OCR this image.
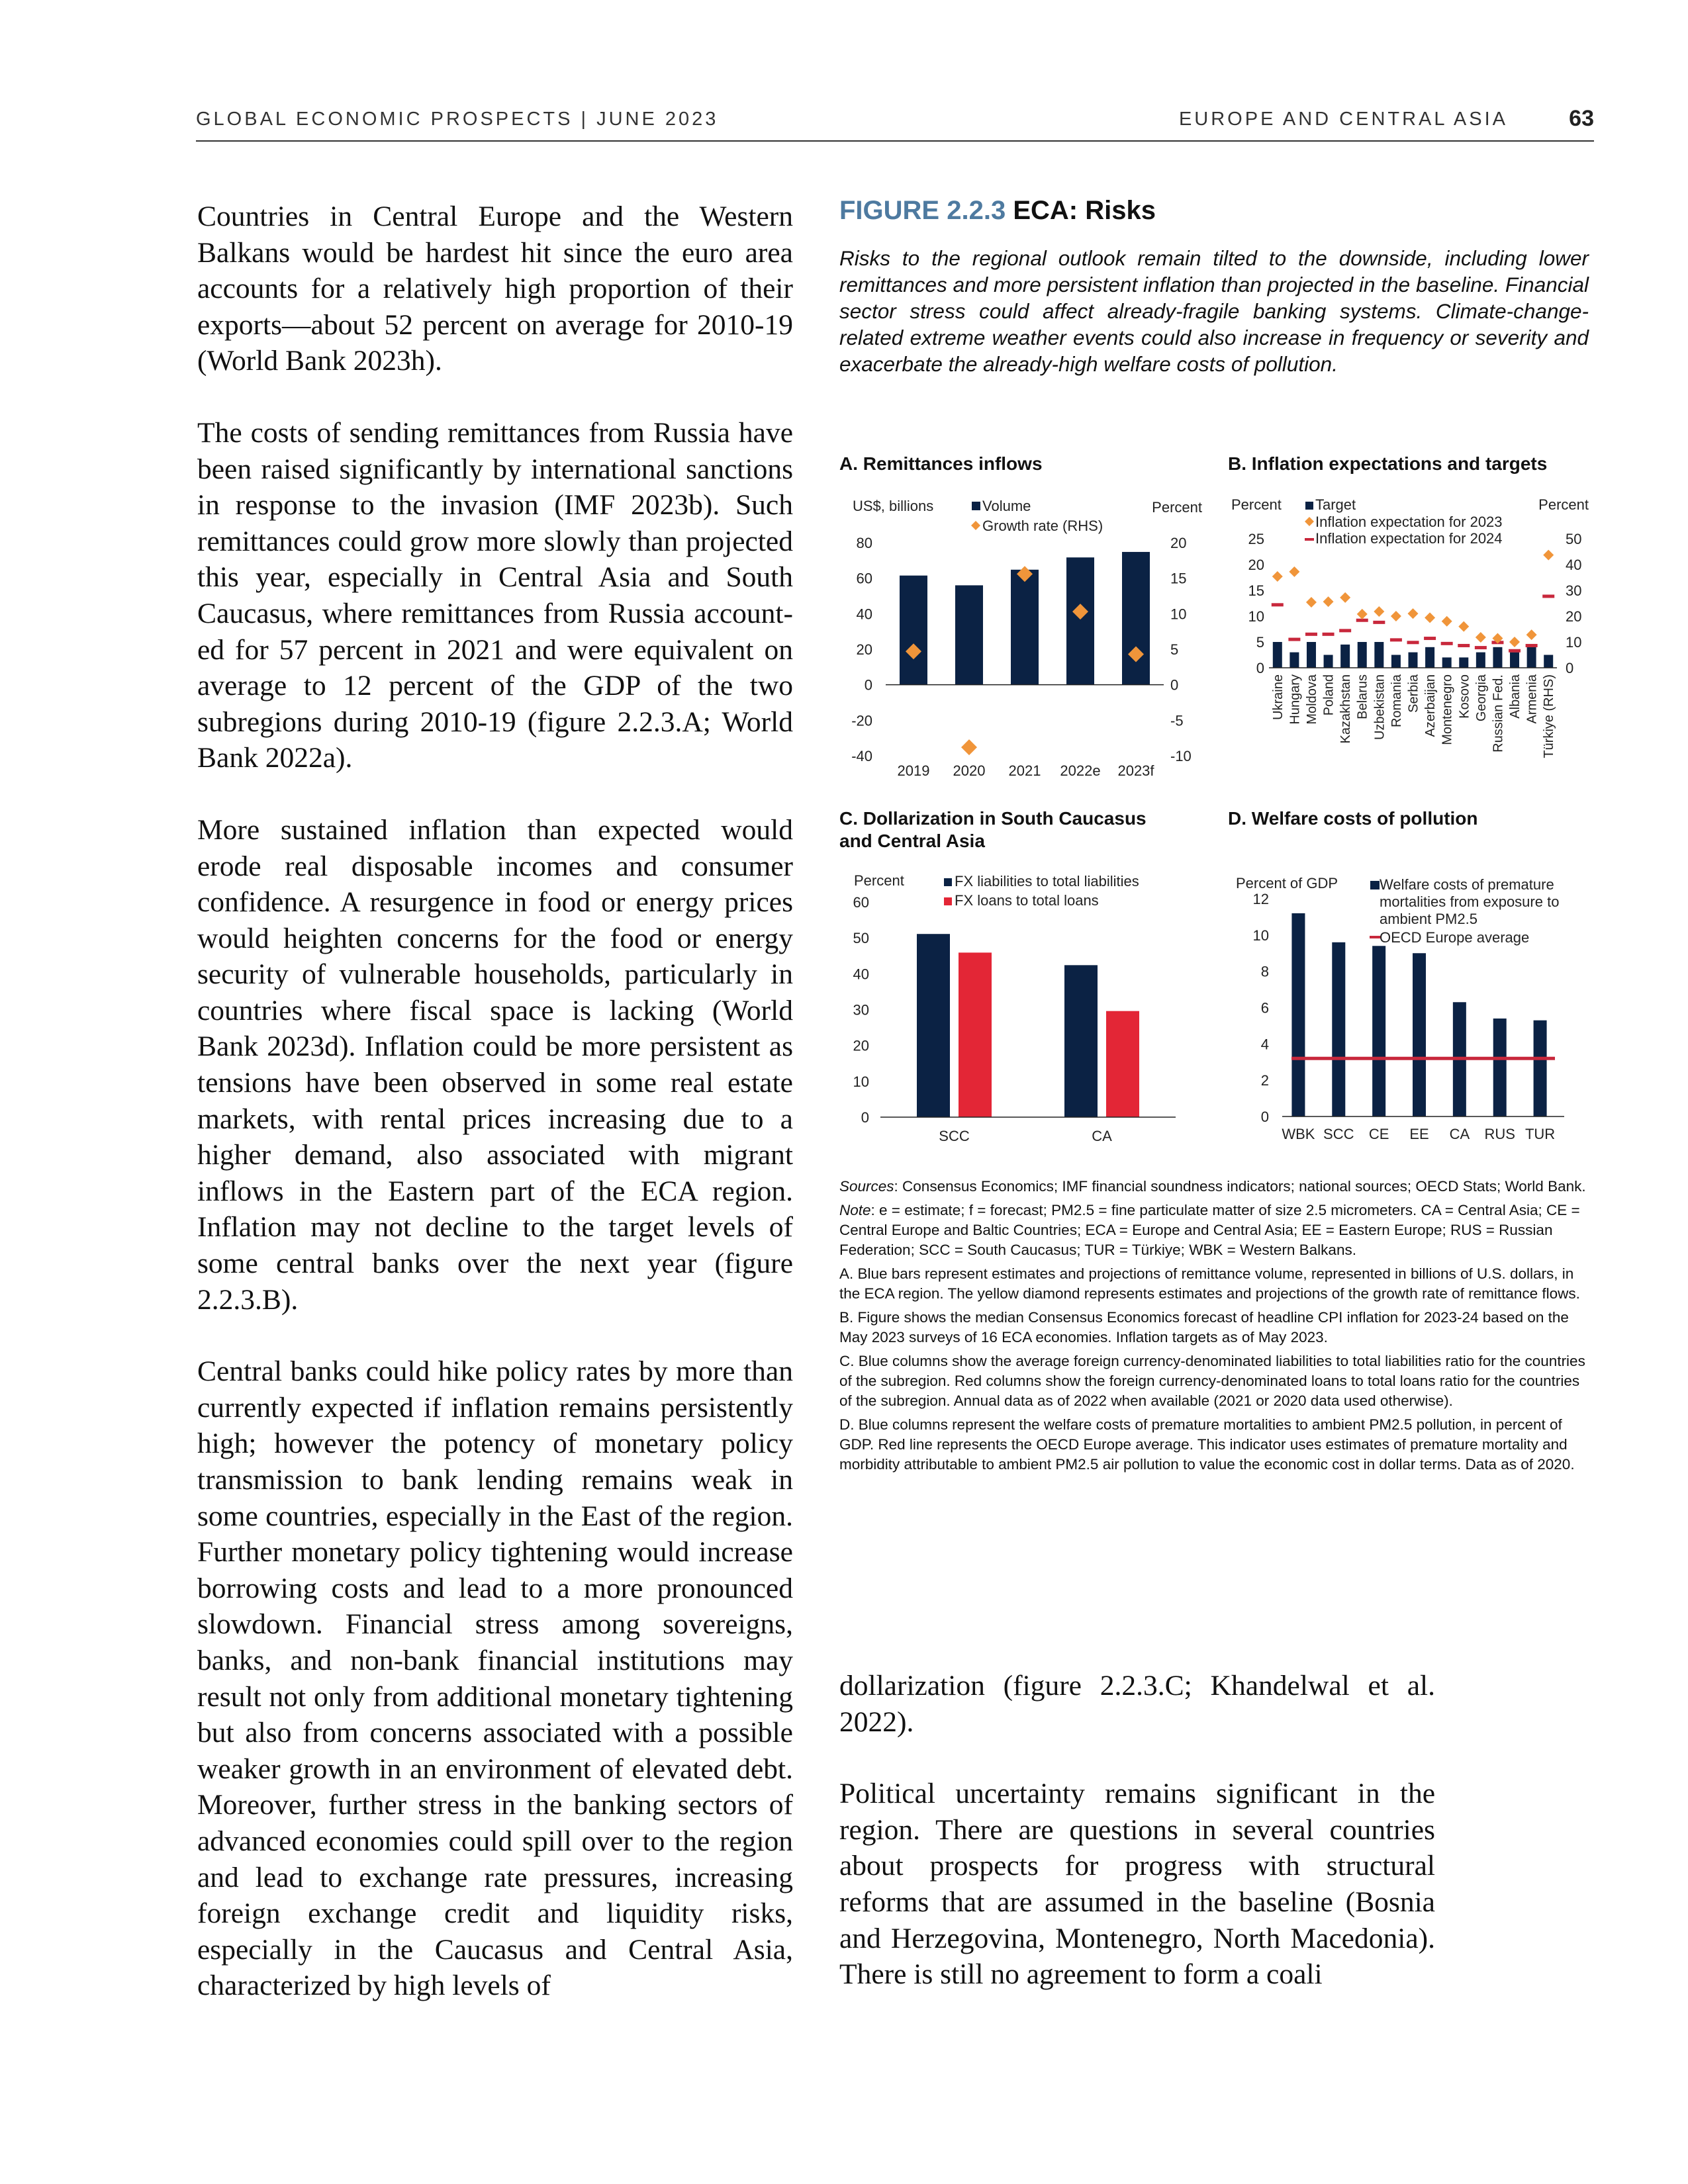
GLOBAL ECONOMIC PROSPECTS | JUNE 2023	EUROPE AND CENTRAL ASIA	63

Countries in Central Europe and the Western Balkans would be hardest hit since the euro area accounts for a relatively high proportion of their exports—about 52 percent on average for 2010-19 (World Bank 2023h).

The costs of sending remittances from Russia have been raised significantly by international sanctions in response to the invasion (IMF 2023b). Such remittances could grow more slowly than projected this year, especially in Central Asia and South Caucasus, where remittances from Russia accounted for 57 percent in 2021 and were equivalent on average to 12 percent of the GDP of the two subregions during 2010-19 (figure 2.2.3.A; World Bank 2022a).

More sustained inflation than expected would erode real disposable incomes and consumer confidence. A resurgence in food or energy prices would heighten concerns for the food or energy security of vulnerable households, particularly in countries where fiscal space is lacking (World Bank 2023d). Inflation could be more persistent as tensions have been observed in some real estate markets, with rental prices increasing due to a higher demand, also associated with migrant inflows in the Eastern part of the ECA region. Inflation may not decline to the target levels of some central banks over the next year (figure 2.2.3.B).

Central banks could hike policy rates by more than currently expected if inflation remains persistently high; however the potency of monetary policy transmission to bank lending remains weak in some countries, especially in the East of the region. Further monetary policy tightening would increase borrowing costs and lead to a more pronounced slowdown. Financial stress among sovereigns, banks, and non-bank financial institutions may result not only from additional monetary tightening but also from concerns associated with a possible weaker growth in an environment of elevated debt. Moreover, further stress in the banking sectors of advanced economies could spill over to the region and lead to exchange rate pressures, increasing foreign exchange credit and liquidity risks, especially in the Caucasus and Central Asia, characterized by high levels of

FIGURE 2.2.3 ECA: Risks
Risks to the regional outlook remain tilted to the downside, including lower remittances and more persistent inflation than projected in the baseline. Financial sector stress could affect already-fragile banking systems. Climate-change-related extreme weather events could also increase in frequency or severity and exacerbate the already-high welfare costs of pollution.
A. Remittances inflows
US$, billions	Percent
Volume
Growth rate (RHS)
80
60
40
20
0
-20
-40
20
15
10
5
0
-5
-10
2019 2020 2021 2022e 2023f
B. Inflation expectations and targets
Percent	Percent
Target
Inflation expectation for 2023
Inflation expectation for 2024
25
20
15
10
5
0
50
40
30
20
10
0
Ukraine Hungary Moldova Poland Kazakhstan Belarus Uzbekistan Romania Serbia Azerbaijan Montenegro Kosovo Georgia Russian Fed. Albania Armenia Türkiye (RHS)
C. Dollarization in South Caucasus and Central Asia
Percent	FX liabilities to total liabilities
FX loans to total loans
60
50
40
30
20
10
0
SCC	CA
D. Welfare costs of pollution
Percent of GDP	Welfare costs of premature
mortalities from exposure to
ambient PM2.5
OECD Europe average
12
10
8
6
4
2
0
WBK SCC CE EE CA RUS TUR

Sources: Consensus Economics; IMF financial soundness indicators; national sources; OECD Stats; World Bank.

Note: e = estimate; f = forecast; PM2.5 = fine particulate matter of size 2.5 micrometers. CA = Central Asia; CE = Central Europe and Baltic Countries; ECA = Europe and Central Asia; EE = Eastern Europe; RUS = Russian Federation; SCC = South Caucasus; TUR = Türkiye; WBK = Western Balkans.

A. Blue bars represent estimates and projections of remittance volume, represented in billions of U.S. dollars, in the ECA region. The yellow diamond represents estimates and projections of the growth rate of remittance flows.

B. Figure shows the median Consensus Economics forecast of headline CPI inflation for 2023-24 based on the May 2023 surveys of 16 ECA economies. Inflation targets as of May 2023.

C. Blue columns show the average foreign currency-denominated liabilities to total liabilities ratio for the countries of the subregion. Red columns show the foreign currency-denominated loans to total loans ratio for the countries of the subregion. Annual data as of 2022 when available (2021 or 2020 data used otherwise).

D. Blue columns represent the welfare costs of premature mortalities to ambient PM2.5 pollution, in percent of GDP. Red line represents the OECD Europe average. This indicator uses estimates of premature mortality and morbidity attributable to ambient PM2.5 air pollution to value the economic cost in dollar terms. Data as of 2020.

dollarization (figure 2.2.3.C; Khandelwal et al. 2022).

Political uncertainty remains significant in the region. There are questions in several countries about prospects for progress with structural reforms that are assumed in the baseline (Bosnia and Herzegovina, Montenegro, North Macedonia). There is still no agreement to form a coali
